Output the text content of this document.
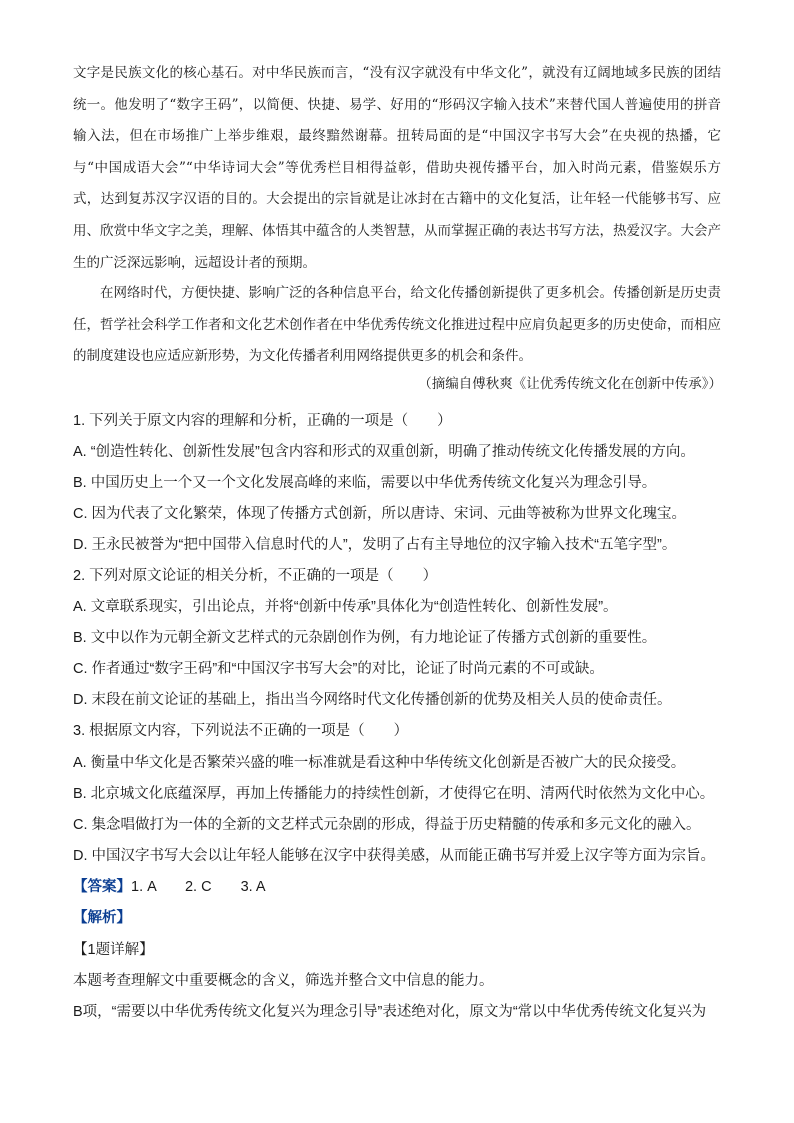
文字是民族文化的核心基石。对中华民族而言，“没有汉字就没有中华文化”，就没有辽阔地域多民族的团结统一。他发明了“数字王码”，以简便、快捷、易学、好用的“形码汉字输入技术”来替代国人普遍使用的拼音输入法，但在市场推广上举步维艰，最终黯然谢幕。扭转局面的是“中国汉字书写大会”在央视的热播，它与“中国成语大会”“中华诗词大会”等优秀栏目相得益彰，借助央视传播平台，加入时尚元素，借鉴娱乐方式，达到复苏汉字汉语的目的。大会提出的宗旨就是让冰封在古籍中的文化复活，让年轻一代能够书写、应用、欣赏中华文字之美，理解、体悟其中蕴含的人类智慧，从而掌握正确的表达书写方法，热爱汉字。大会产生的广泛深远影响，远超设计者的预期。

在网络时代，方便快捷、影响广泛的各种信息平台，给文化传播创新提供了更多机会。传播创新是历史责任，哲学社会科学工作者和文化艺术创作者在中华优秀传统文化推进过程中应肩负起更多的历史使命，而相应的制度建设也应适应新形势，为文化传播者利用网络提供更多的机会和条件。

（摘编自傅秋爽《让优秀传统文化在创新中传承》）
1. 下列关于原文内容的理解和分析，正确的一项是（　　）
A. “创造性转化、创新性发展”包含内容和形式的双重创新，明确了推动传统文化传播发展的方向。
B. 中国历史上一个又一个文化发展高峰的来临，需要以中华优秀传统文化复兴为理念引导。
C. 因为代表了文化繁荣，体现了传播方式创新，所以唐诗、宋词、元曲等被称为世界文化瑰宝。
D. 王永民被誉为“把中国带入信息时代的人”，发明了占有主导地位的汉字输入技术“五笔字型”。
2. 下列对原文论证的相关分析，不正确的一项是（　　）
A. 文章联系现实，引出论点，并将“创新中传承”具体化为“创造性转化、创新性发展”。
B. 文中以作为元朝全新文艺样式的元杂剧创作为例，有力地论证了传播方式创新的重要性。
C. 作者通过“数字王码”和“中国汉字书写大会”的对比，论证了时尚元素的不可或缺。
D. 末段在前文论证的基础上，指出当今网络时代文化传播创新的优势及相关人员的使命责任。
3. 根据原文内容，下列说法不正确的一项是（　　）
A. 衡量中华文化是否繁荣兴盛的唯一标准就是看这种中华传统文化创新是否被广大的民众接受。
B. 北京城文化底蕴深厚，再加上传播能力的持续性创新，才使得它在明、清两代时依然为文化中心。
C. 集念唱做打为一体的全新的文艺样式元杂剧的形成，得益于历史精髓的传承和多元文化的融入。
D. 中国汉字书写大会以让年轻人能够在汉字中获得美感，从而能正确书写并爱上汉字等方面为宗旨。
【答案】1. A　　2. C　　3. A
【解析】
【1题详解】
本题考查理解文中重要概念的含义，筛选并整合文中信息的能力。
B项，“需要以中华优秀传统文化复兴为理念引导”表述绝对化，原文为“常以中华优秀传统文化复兴为
